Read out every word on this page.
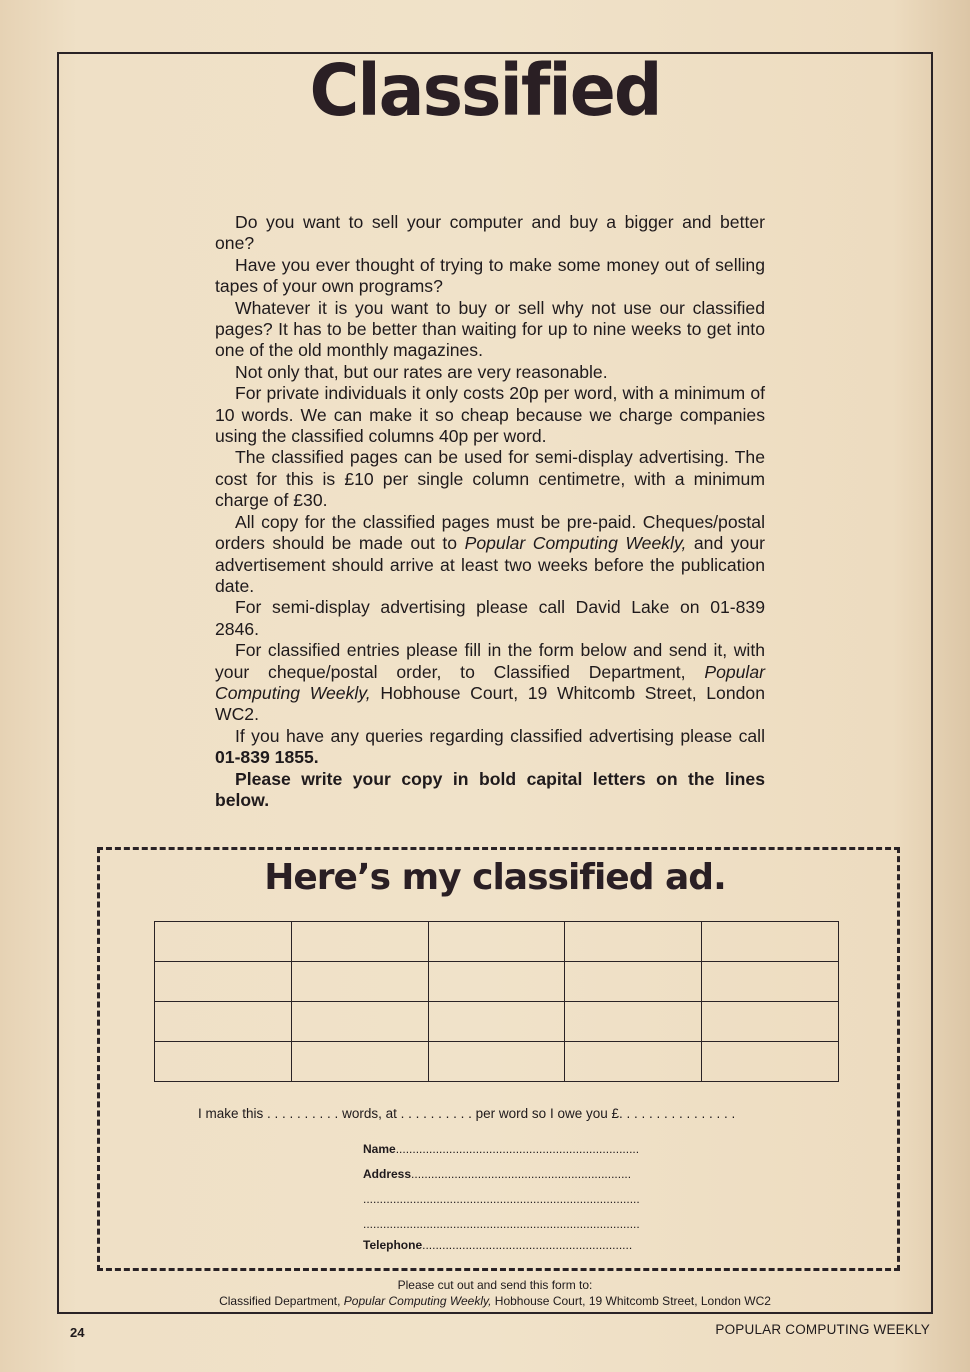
Classified

Do you want to sell your computer and buy a bigger and better one?

Have you ever thought of trying to make some money out of selling tapes of your own programs?

Whatever it is you want to buy or sell why not use our classified pages? It has to be better than waiting for up to nine weeks to get into one of the old monthly magazines.

Not only that, but our rates are very reasonable.

For private individuals it only costs 20p per word, with a minimum of 10 words. We can make it so cheap because we charge companies using the classified columns 40p per word.

The classified pages can be used for semi-display advertising. The cost for this is £10 per single column centimetre, with a minimum charge of £30.

All copy for the classified pages must be pre-paid. Cheques/postal orders should be made out to Popular Computing Weekly, and your advertisement should arrive at least two weeks before the publication date.

For semi-display advertising please call David Lake on 01-839 2846.

For classified entries please fill in the form below and send it, with your cheque/postal order, to Classified Department, Popular Computing Weekly, Hobhouse Court, 19 Whitcomb Street, London WC2.

If you have any queries regarding classified advertising please call 01-839 1855.

Please write your copy in bold capital letters on the lines below.

Here’s my classified ad.

I make this . . . . . . . . . . words, at . . . . . . . . . . per word so I owe you £. . . . . . . . . . . . . . . .
Name.........................................................................
Address..................................................................
...................................................................................
...................................................................................
Telephone...............................................................
Please cut out and send this form to:
Classified Department, Popular Computing Weekly, Hobhouse Court, 19 Whitcomb Street, London WC2
24	POPULAR COMPUTING WEEKLY
